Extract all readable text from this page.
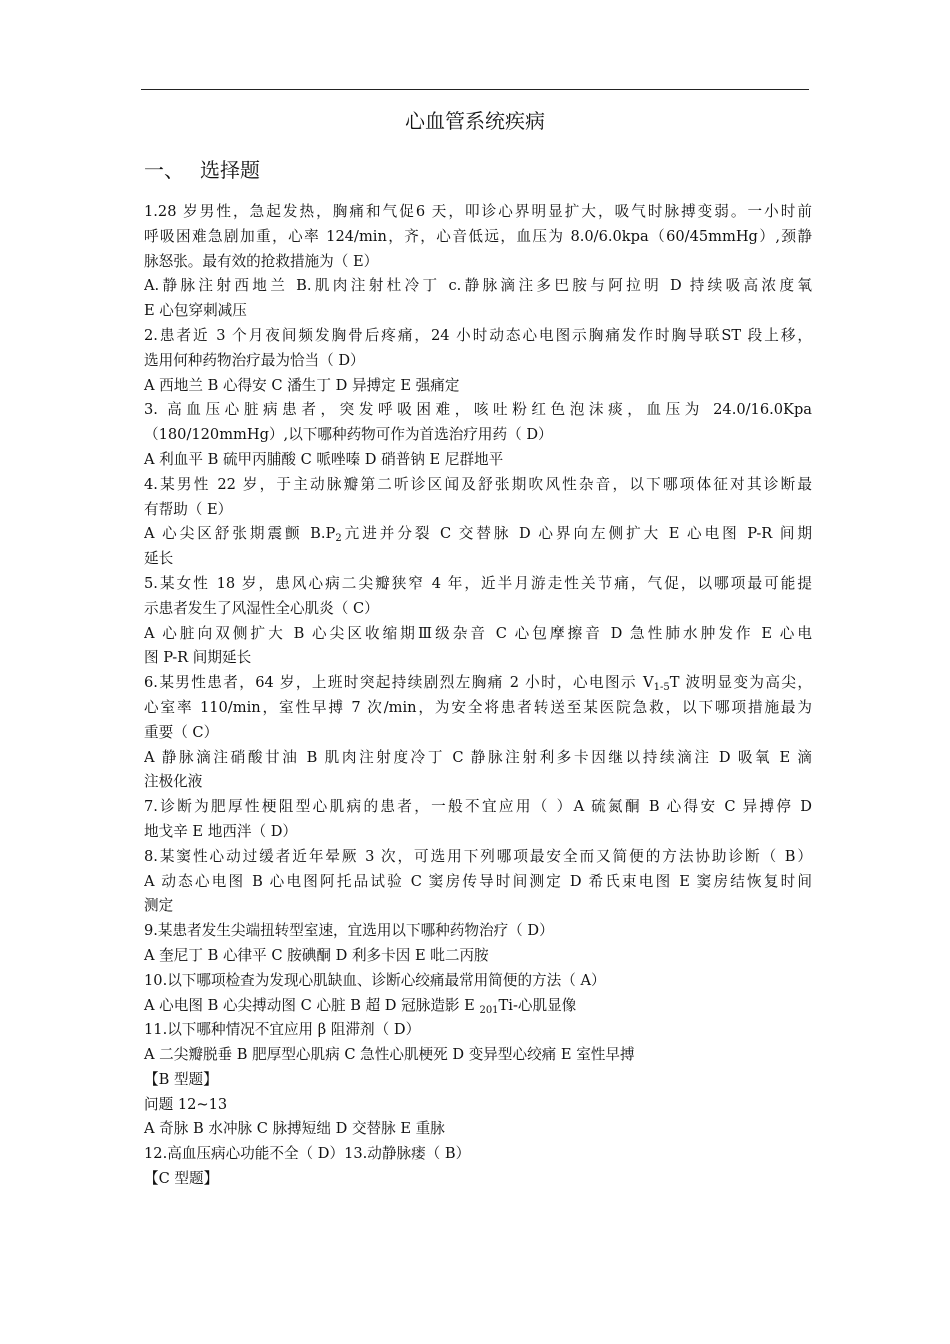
心血管系统疾病
一、 选择题
1.28 岁男性，急起发热，胸痛和气促6 天，叩诊心界明显扩大，吸气时脉搏变弱。一小时前
呼吸困难急剧加重，心率 124/min，齐，心音低远，血压为 8.0/6.0kpa（60/45mmHg）,颈静
脉怒张。最有效的抢救措施为（ E）
A.静脉注射西地兰 B.肌肉注射杜冷丁 c.静脉滴注多巴胺与阿拉明 D 持续吸高浓度氧
E 心包穿刺减压
2.患者近 3 个月夜间频发胸骨后疼痛，24 小时动态心电图示胸痛发作时胸导联ST 段上移，
选用何种药物治疗最为恰当（ D）
A 西地兰 B 心得安 C 潘生丁 D 异搏定 E 强痛定
3. 高血压心脏病患者，突发呼吸困难，咳吐粉红色泡沫痰，血压为 24.0/16.0Kpa
（180/120mmHg）,以下哪种药物可作为首选治疗用药（ D）
A 利血平 B 硫甲丙脯酸 C 哌唑嗪 D 硝普钠 E 尼群地平
4.某男性 22 岁，于主动脉瓣第二听诊区闻及舒张期吹风性杂音，以下哪项体征对其诊断最
有帮助（ E）
A 心尖区舒张期震颤 $B.P_2$亢进并分裂 C 交替脉 D 心界向左侧扩大 E 心电图 P-R 间期
延长
5.某女性 18 岁，患风心病二尖瓣狭窄 4 年，近半月游走性关节痛，气促，以哪项最可能提
示患者发生了风湿性全心肌炎（ C）
A 心脏向双侧扩大 B 心尖区收缩期Ⅲ级杂音 C 心包摩擦音 D 急性肺水肿发作 E 心电
图 P-R 间期延长
6.某男性患者，64 岁，上班时突起持续剧烈左胸痛 2 小时，心电图示 $V_{1-5}T$ 波明显变为高尖，
心室率 110/min，室性早搏 7 次/min，为安全将患者转送至某医院急救，以下哪项措施最为
重要（ C）
A 静脉滴注硝酸甘油 B 肌肉注射度冷丁 C 静脉注射利多卡因继以持续滴注 D 吸氧 E 滴
注极化液
7.诊断为肥厚性梗阻型心肌病的患者，一般不宜应用（ ）A 硫氮酮 B 心得安 C 异搏停 D
地戈辛 E 地西泮（ D）
8.某窦性心动过缓者近年晕厥 3 次，可选用下列哪项最安全而又简便的方法协助诊断（ B）
A 动态心电图 B 心电图阿托品试验 C 窦房传导时间测定 D 希氏束电图 E 窦房结恢复时间
测定
9.某患者发生尖端扭转型室速，宜选用以下哪种药物治疗（ D）
A 奎尼丁 B 心律平 C 胺碘酮 D 利多卡因 E 吡二丙胺
10.以下哪项检查为发现心肌缺血、诊断心绞痛最常用简便的方法（ A）
A 心电图 B 心尖搏动图 C 心脏 B 超 D 冠脉造影 E $_{201}$Ti-心肌显像
11.以下哪种情况不宜应用 β 阻滞剂（ D）
A 二尖瓣脱垂 B 肥厚型心肌病 C 急性心肌梗死 D 变异型心绞痛 E 室性早搏
【B 型题】
问题 12~13
A 奇脉 B 水冲脉 C 脉搏短绌 D 交替脉 E 重脉
12.高血压病心功能不全（ D）13.动静脉瘘（ B）
【C 型题】
